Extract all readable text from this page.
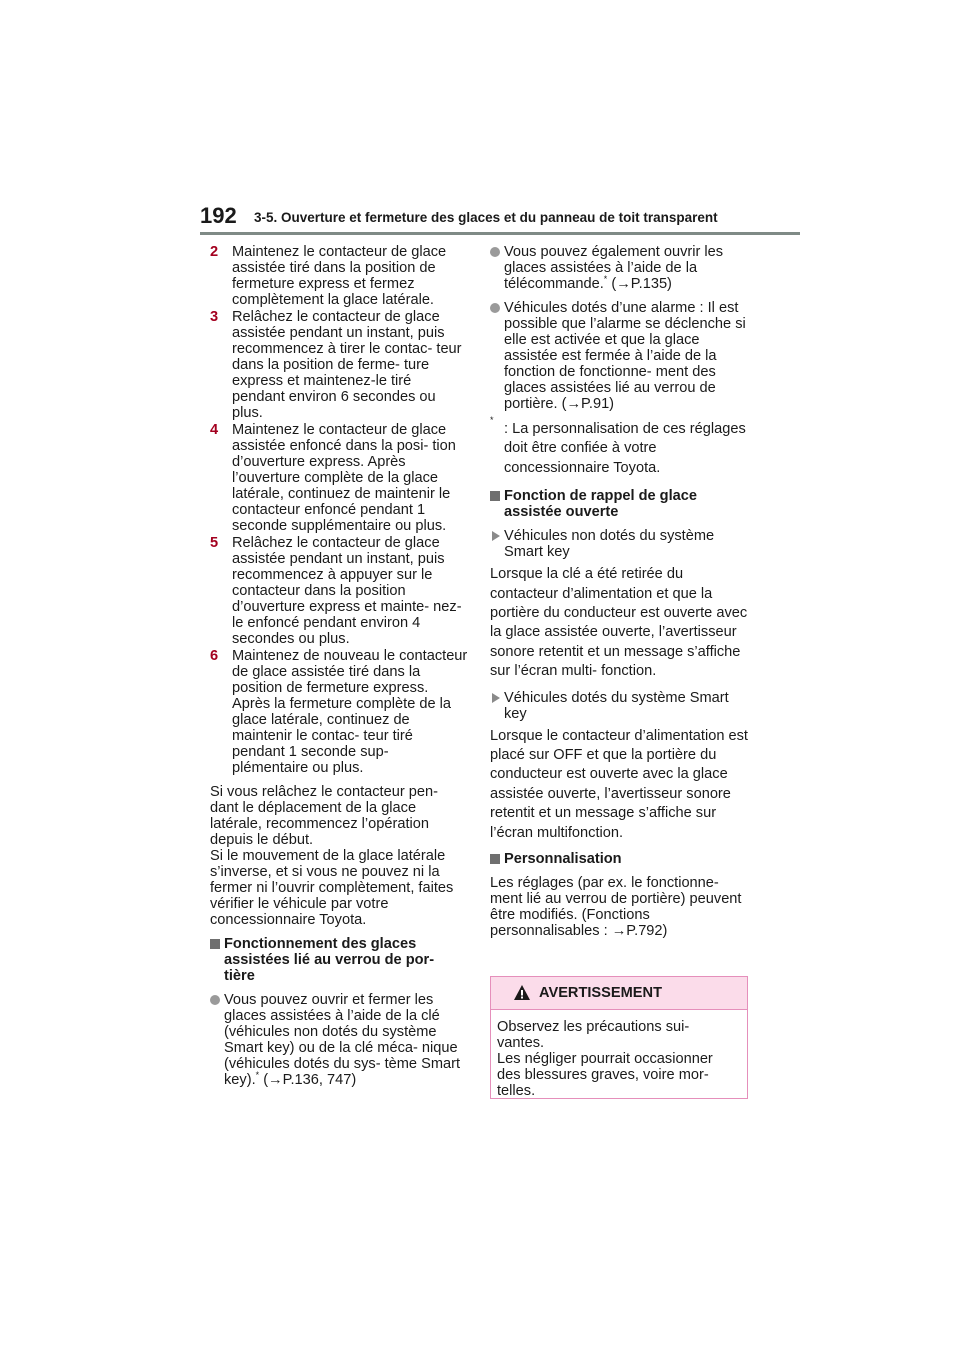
192 3-5. Ouverture et fermeture des glaces et du panneau de toit transparent
2 Maintenez le contacteur de glace assistée tiré dans la position de fermeture express et fermez complètement la glace latérale.
3 Relâchez le contacteur de glace assistée pendant un instant, puis recommencez à tirer le contac- teur dans la position de ferme- ture express et maintenez-le tiré pendant environ 6 secondes ou plus.
4 Maintenez le contacteur de glace assistée enfoncé dans la posi- tion d’ouverture express. Après l’ouverture complète de la glace latérale, continuez de maintenir le contacteur enfoncé pendant 1 seconde supplémentaire ou plus.
5 Relâchez le contacteur de glace assistée pendant un instant, puis recommencez à appuyer sur le contacteur dans la position d’ouverture express et mainte- nez-le enfoncé pendant environ 4 secondes ou plus.
6 Maintenez de nouveau le contacteur de glace assistée tiré dans la position de fermeture express. Après la fermeture complète de la glace latérale, continuez de maintenir le contac- teur tiré pendant 1 seconde sup- plémentaire ou plus.
Si vous relâchez le contacteur pen- dant le déplacement de la glace latérale, recommencez l’opération depuis le début.
Si le mouvement de la glace latérale s’inverse, et si vous ne pouvez ni la fermer ni l’ouvrir complètement, faites vérifier le véhicule par votre concessionnaire Toyota.
Fonctionnement des glaces assistées lié au verrou de por- tière
Vous pouvez ouvrir et fermer les glaces assistées à l’aide de la clé (véhicules non dotés du système Smart key) ou de la clé méca- nique (véhicules dotés du sys- tème Smart key).* (→P.136, 747)
Vous pouvez également ouvrir les glaces assistées à l’aide de la télécommande.* (→P.135)
Véhicules dotés d’une alarme : Il est possible que l’alarme se déclenche si elle est activée et que la glace assistée est fermée à l’aide de la fonction de fonctionne- ment des glaces assistées lié au verrou de portière. (→P.91)
*
: La personnalisation de ces réglages doit être confiée à votre concessionnaire Toyota.
Fonction de rappel de glace assistée ouverte
Véhicules non dotés du système Smart key
Lorsque la clé a été retirée du contacteur d’alimentation et que la portière du conducteur est ouverte avec la glace assistée ouverte, l’avertisseur sonore retentit et un message s’affiche sur l’écran multi- fonction.
Véhicules dotés du système Smart key
Lorsque le contacteur d’alimentation est placé sur OFF et que la portière du conducteur est ouverte avec la glace assistée ouverte, l’avertisseur sonore retentit et un message s’affiche sur l’écran multifonction.
Personnalisation
Les réglages (par ex. le fonctionne- ment lié au verrou de portière) peuvent être modifiés. (Fonctions personnalisables : →P.792)
AVERTISSEMENT
Observez les précautions sui- vantes.
Les négliger pourrait occasionner des blessures graves, voire mor- telles.
